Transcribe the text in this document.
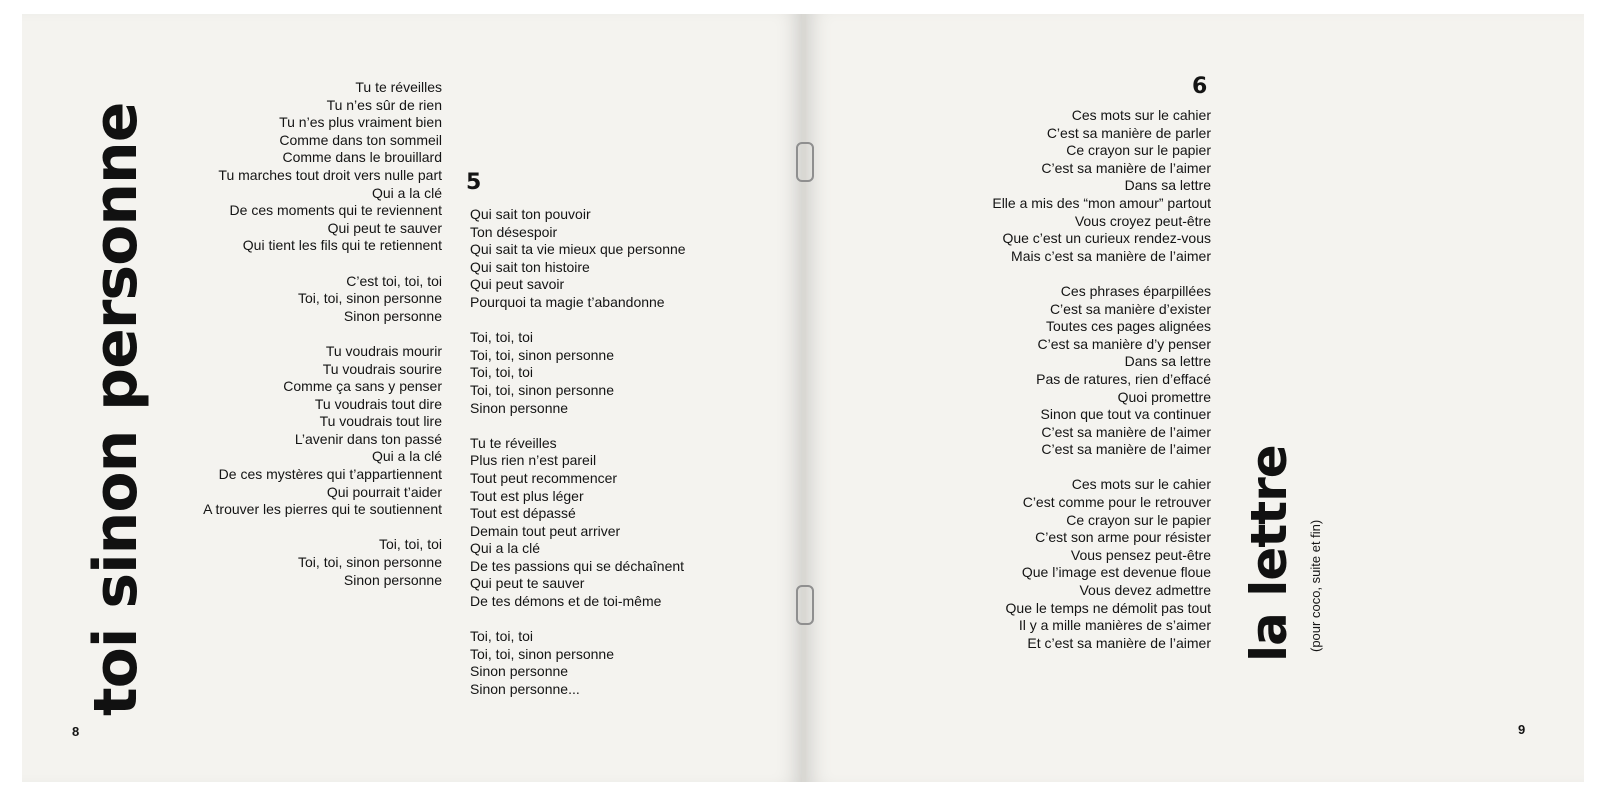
toi sinon personne
Tu te réveilles
Tu n’es sûr de rien
Tu n’es plus vraiment bien
Comme dans ton sommeil
Comme dans le brouillard
Tu marches tout droit vers nulle part
Qui a la clé
De ces moments qui te reviennent
Qui peut te sauver
Qui tient les fils qui te retiennent
C’est toi, toi, toi
Toi, toi, sinon personne
Sinon personne
Tu voudrais mourir
Tu voudrais sourire
Comme ça sans y penser
Tu voudrais tout dire
Tu voudrais tout lire
L’avenir dans ton passé
Qui a la clé
De ces mystères qui t’appartiennent
Qui pourrait t’aider
A trouver les pierres qui te soutiennent
Toi, toi, toi
Toi, toi, sinon personne
Sinon personne
5
Qui sait ton pouvoir
Ton désespoir
Qui sait ta vie mieux que personne
Qui sait ton histoire
Qui peut savoir
Pourquoi ta magie t’abandonne
Toi, toi, toi
Toi, toi, sinon personne
Toi, toi, toi
Toi, toi, sinon personne
Sinon personne
Tu te réveilles
Plus rien n’est pareil
Tout peut recommencer
Tout est plus léger
Tout est dépassé
Demain tout peut arriver
Qui a la clé
De tes passions qui se déchaînent
Qui peut te sauver
De tes démons et de toi-même
Toi, toi, toi
Toi, toi, sinon personne
Sinon personne
Sinon personne...
8
6
Ces mots sur le cahier
C’est sa manière de parler
Ce crayon sur le papier
C’est sa manière de l’aimer
Dans sa lettre
Elle a mis des “mon amour” partout
Vous croyez peut-être
Que c’est un curieux rendez-vous
Mais c’est sa manière de l’aimer
Ces phrases éparpillées
C’est sa manière d’exister
Toutes ces pages alignées
C’est sa manière d’y penser
Dans sa lettre
Pas de ratures, rien d’effacé
Quoi promettre
Sinon que tout va continuer
C’est sa manière de l’aimer
C’est sa manière de l’aimer
Ces mots sur le cahier
C’est comme pour le retrouver
Ce crayon sur le papier
C’est son arme pour résister
Vous pensez peut-être
Que l’image est devenue floue
Vous devez admettre
Que le temps ne démolit pas tout
Il y a mille manières de s’aimer
Et c’est sa manière de l’aimer la lettre (pour coco, suite et fin)
9
